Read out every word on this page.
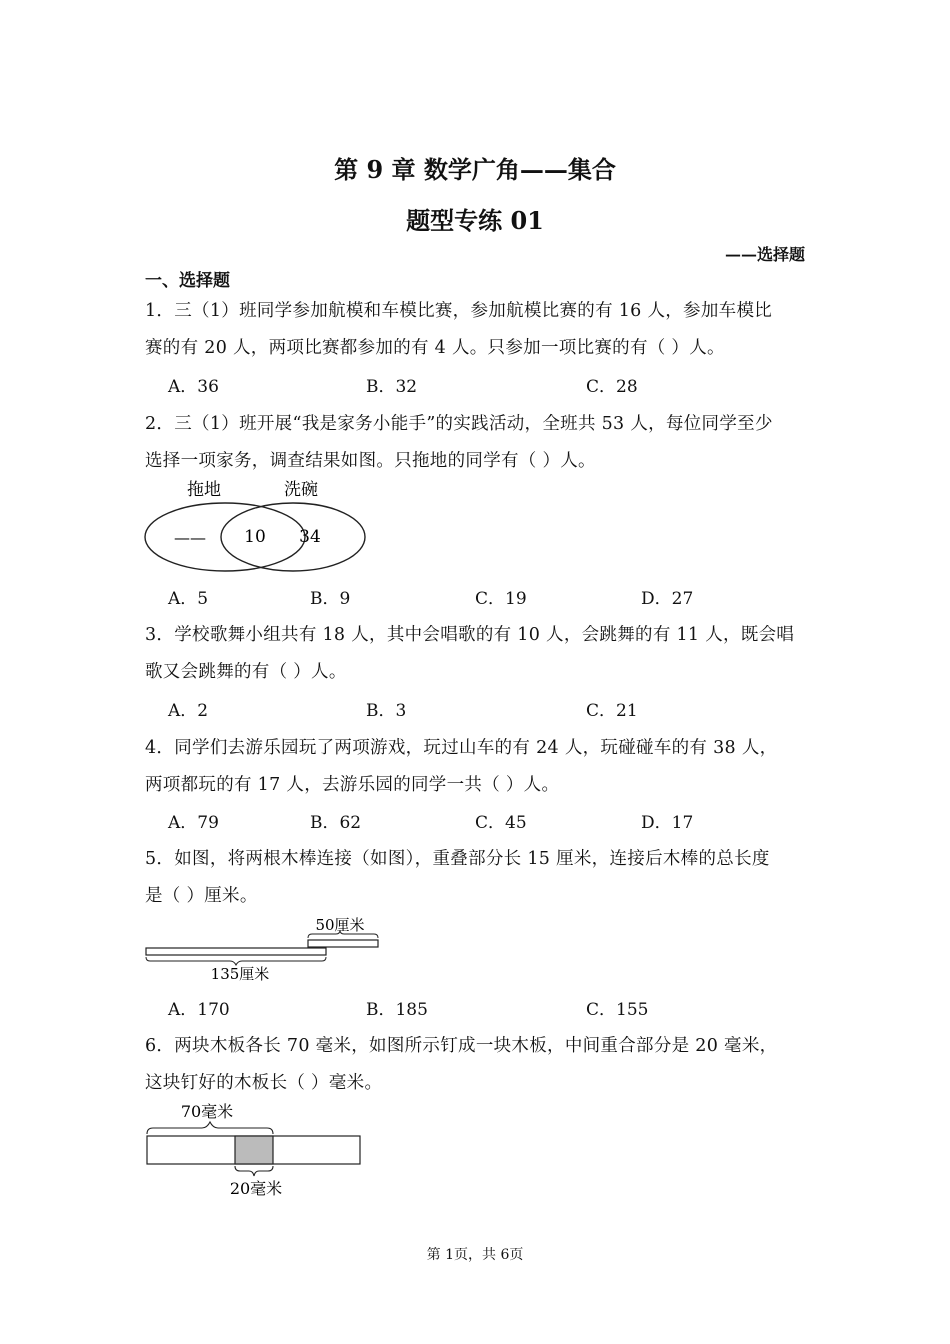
第 9 章 数学广角——集合
题型专练 01
——选择题
一、选择题
1．三（1）班同学参加航模和车模比赛，参加航模比赛的有 16 人，参加车模比
赛的有 20 人，两项比赛都参加的有 4 人。只参加一项比赛的有（ ）人。
A．36	B．32	C．28
2．三（1）班开展“我是家务小能手”的实践活动，全班共 53 人，每位同学至少
选择一项家务，调查结果如图。只拖地的同学有（ ）人。
拖地	洗碗
—— 10 34
A．5	B．9	C．19	D．27
3．学校歌舞小组共有 18 人，其中会唱歌的有 10 人，会跳舞的有 11 人，既会唱
歌又会跳舞的有（ ）人。
A．2	B．3	C．21
4．同学们去游乐园玩了两项游戏，玩过山车的有 24 人，玩碰碰车的有 38 人，
两项都玩的有 17 人，去游乐园的同学一共（ ）人。
A．79	B．62	C．45	D．17
5．如图，将两根木棒连接（如图），重叠部分长 15 厘米，连接后木棒的总长度
是（ ）厘米。
50厘米
135厘米
A．170	B．185	C．155
6．两块木板各长 70 毫米，如图所示钉成一块木板，中间重合部分是 20 毫米，
这块钉好的木板长（ ）毫米。
70毫米
20毫米
第 1页，共 6页
